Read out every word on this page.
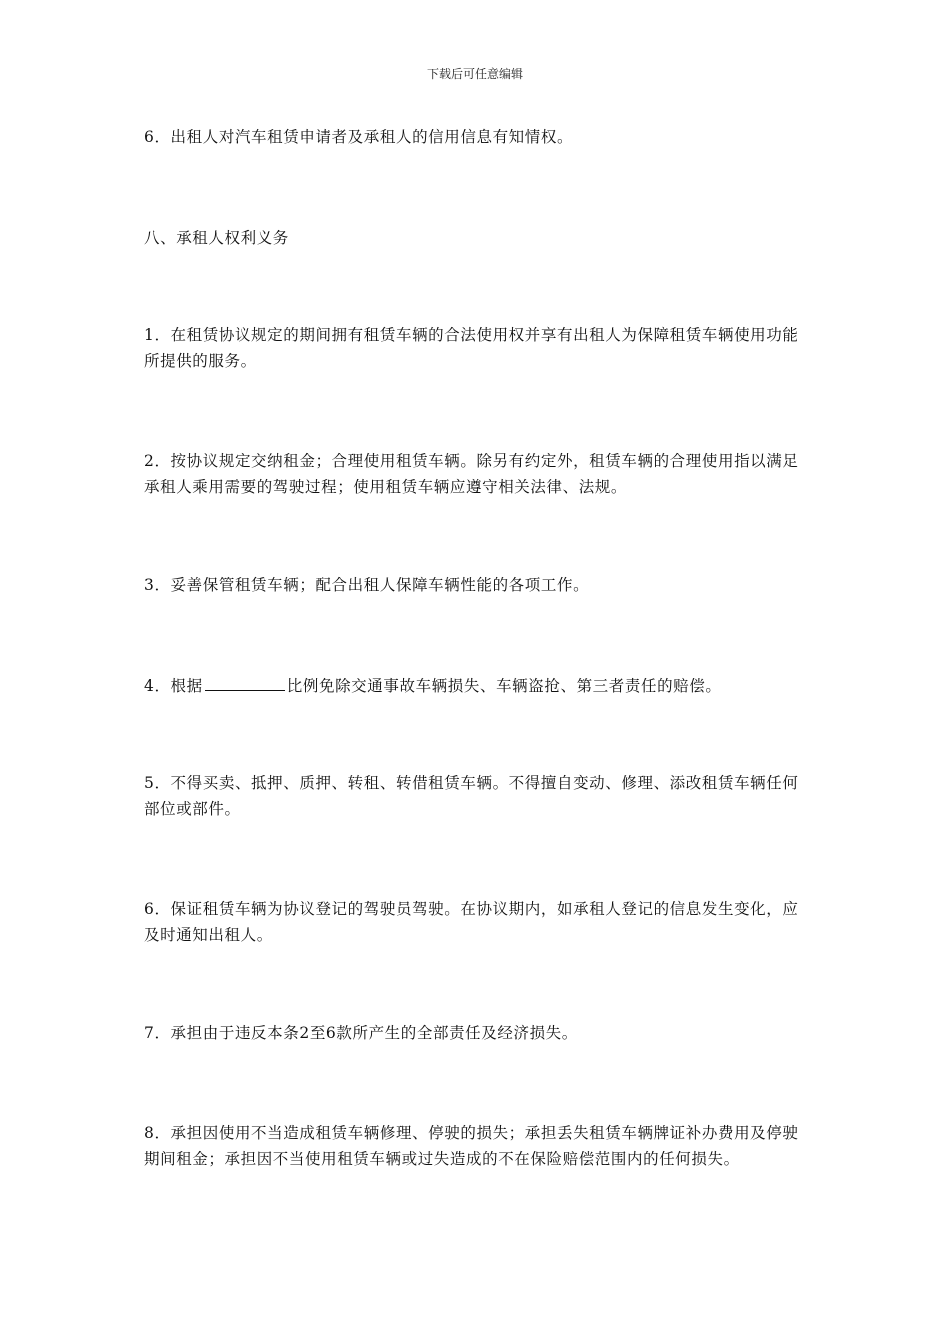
下载后可任意编辑

6．出租人对汽车租赁申请者及承租人的信用信息有知情权。

八、承租人权利义务

1．在租赁协议规定的期间拥有租赁车辆的合法使用权并享有出租人为保障租赁车辆使用功能所提供的服务。

2．按协议规定交纳租金；合理使用租赁车辆。除另有约定外，租赁车辆的合理使用指以满足承租人乘用需要的驾驶过程；使用租赁车辆应遵守相关法律、法规。

3．妥善保管租赁车辆；配合出租人保障车辆性能的各项工作。

4．根据	比例免除交通事故车辆损失、车辆盗抢、第三者责任的赔偿。

5．不得买卖、抵押、质押、转租、转借租赁车辆。不得擅自变动、修理、添改租赁车辆任何部位或部件。

6．保证租赁车辆为协议登记的驾驶员驾驶。在协议期内，如承租人登记的信息发生变化，应及时通知出租人。

7．承担由于违反本条2至6款所产生的全部责任及经济损失。

8．承担因使用不当造成租赁车辆修理、停驶的损失；承担丢失租赁车辆牌证补办费用及停驶期间租金；承担因不当使用租赁车辆或过失造成的不在保险赔偿范围内的任何损失。
